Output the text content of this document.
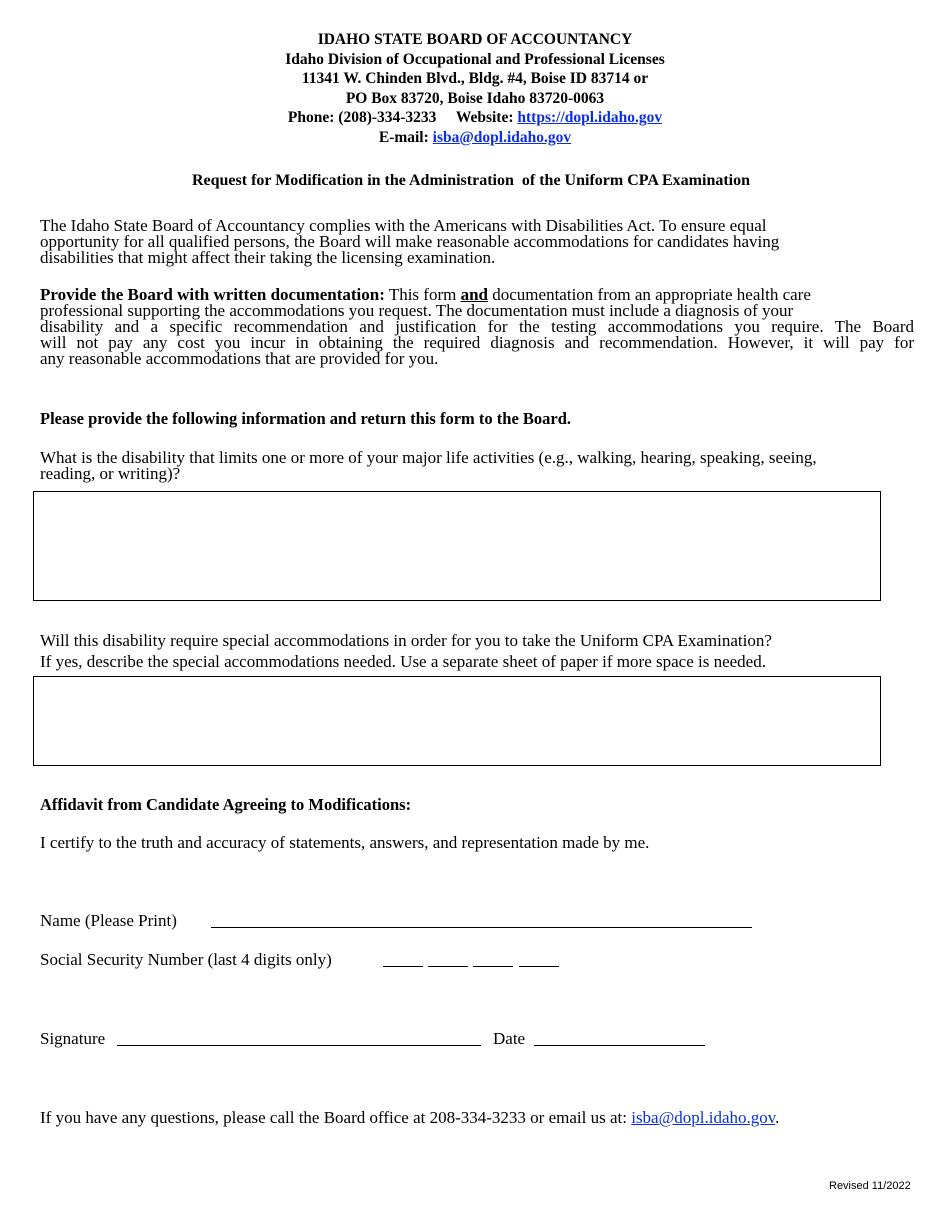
IDAHO STATE BOARD OF ACCOUNTANCY
Idaho Division of Occupational and Professional Licenses
11341 W. Chinden Blvd., Bldg. #4, Boise ID 83714 or
PO Box 83720, Boise Idaho 83720-0063
Phone: (208)-334-3233 Website: https://dopl.idaho.gov
E-mail: isba@dopl.idaho.gov
Request for Modification in the Administration  of the Uniform CPA Examination
The Idaho State Board of Accountancy complies with the Americans with Disabilities Act. To ensure equal
opportunity for all qualified persons, the Board will make reasonable accommodations for candidates having
disabilities that might affect their taking the licensing examination.
Provide the Board with written documentation: This form and documentation from an appropriate health care
professional supporting the accommodations you request. The documentation must include a diagnosis of your
disability and a specific recommendation and justification for the testing accommodations you require. The Board
will not pay any cost you incur in obtaining the required diagnosis and recommendation. However, it will pay for
any reasonable accommodations that are provided for you.
Please provide the following information and return this form to the Board.
What is the disability that limits one or more of your major life activities (e.g., walking, hearing, speaking, seeing,
reading, or writing)?
Will this disability require special accommodations in order for you to take the Uniform CPA Examination?
If yes, describe the special accommodations needed. Use a separate sheet of paper if more space is needed.
Affidavit from Candidate Agreeing to Modifications:
I certify to the truth and accuracy of statements, answers, and representation made by me.
Name (Please Print)
Social Security Number (last 4 digits only)
Signature	Date
If you have any questions, please call the Board office at 208-334-3233 or email us at: isba@dopl.idaho.gov.
Revised 11/2022
